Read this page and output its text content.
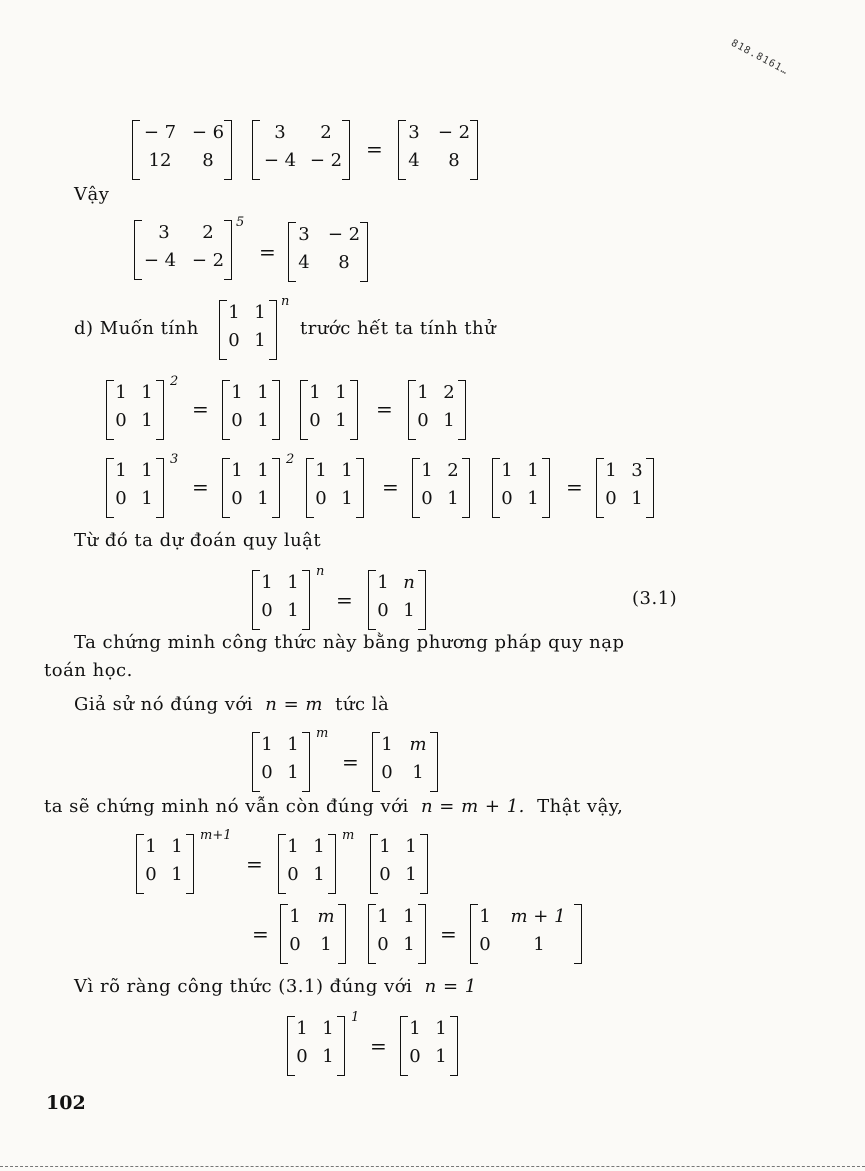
818.8161…
− 7 − 6
12	8
3	2
− 4 − 2 =
3	− 2
4	8
Vậy
3	2
− 4 − 2
5
=
3	− 2
4	8
d) Muốn tính
1 1
0 1
n
trước hết ta tính thử
1 1
0 1
2
=
1 1
0 1
1 1
0 1 =
1 2
0 1
1 1
0 1
3
=
1 1
0 1
2
1 1
0 1 =
1 2
0 1
1 1
0 1 =
1 3
0 1
Từ đó ta dự đoán quy luật
1 1
0 1
n
=
1 n
0 1
(3.1)
Ta chứng minh công thức này bằng phương pháp quy nạp
toán học.
Giả sử nó đúng với n = m tức là
1 1
0 1
m
=
1 m
0	1
ta sẽ chứng minh nó vẫn còn đúng với n = m + 1. Thật vậy,
1 1
0 1
m+1
=
1 1
0 1
m
1 1
0 1
=
1 m
0	1
1 1
0 1 =
1	m + 1
0 1
Vì rõ ràng công thức (3.1) đúng với n = 1
1 1
0 1
1
=
1 1
0 1
102
